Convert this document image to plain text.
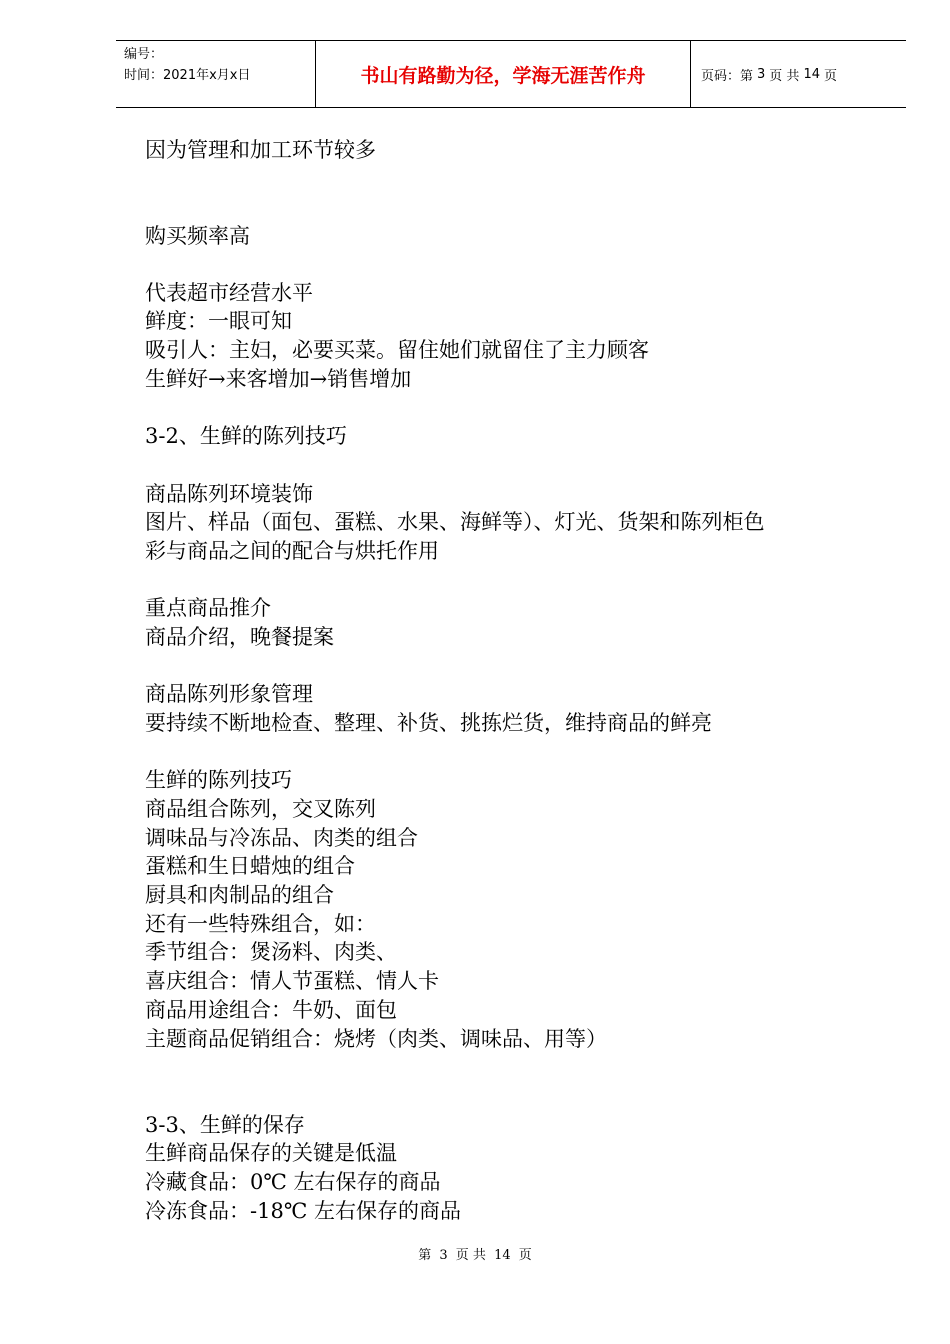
编号：
时间：2021年x月x日	书山有路勤为径，学海无涯苦作舟	页码：第 3 页 共 14 页
因为管理和加工环节较多
购买频率高
代表超市经营水平
鲜度：一眼可知
吸引人：主妇，必要买菜。留住她们就留住了主力顾客
生鲜好→来客增加→销售增加
3-2、生鲜的陈列技巧
商品陈列环境装饰
图片、样品（面包、蛋糕、水果、海鲜等）、灯光、货架和陈列柜色
彩与商品之间的配合与烘托作用
重点商品推介
商品介绍，晚餐提案
商品陈列形象管理
要持续不断地检查、整理、补货、挑拣烂货，维持商品的鲜亮
生鲜的陈列技巧
商品组合陈列，交叉陈列
调味品与冷冻品、肉类的组合
蛋糕和生日蜡烛的组合
厨具和肉制品的组合
还有一些特殊组合，如：
季节组合：煲汤料、肉类、
喜庆组合：情人节蛋糕、情人卡
商品用途组合：牛奶、面包
主题商品促销组合：烧烤（肉类、调味品、用等）
3-3、生鲜的保存
生鲜商品保存的关键是低温
冷藏食品：0℃ 左右保存的商品
冷冻食品：-18℃ 左右保存的商品
第 3 页 共 14 页
